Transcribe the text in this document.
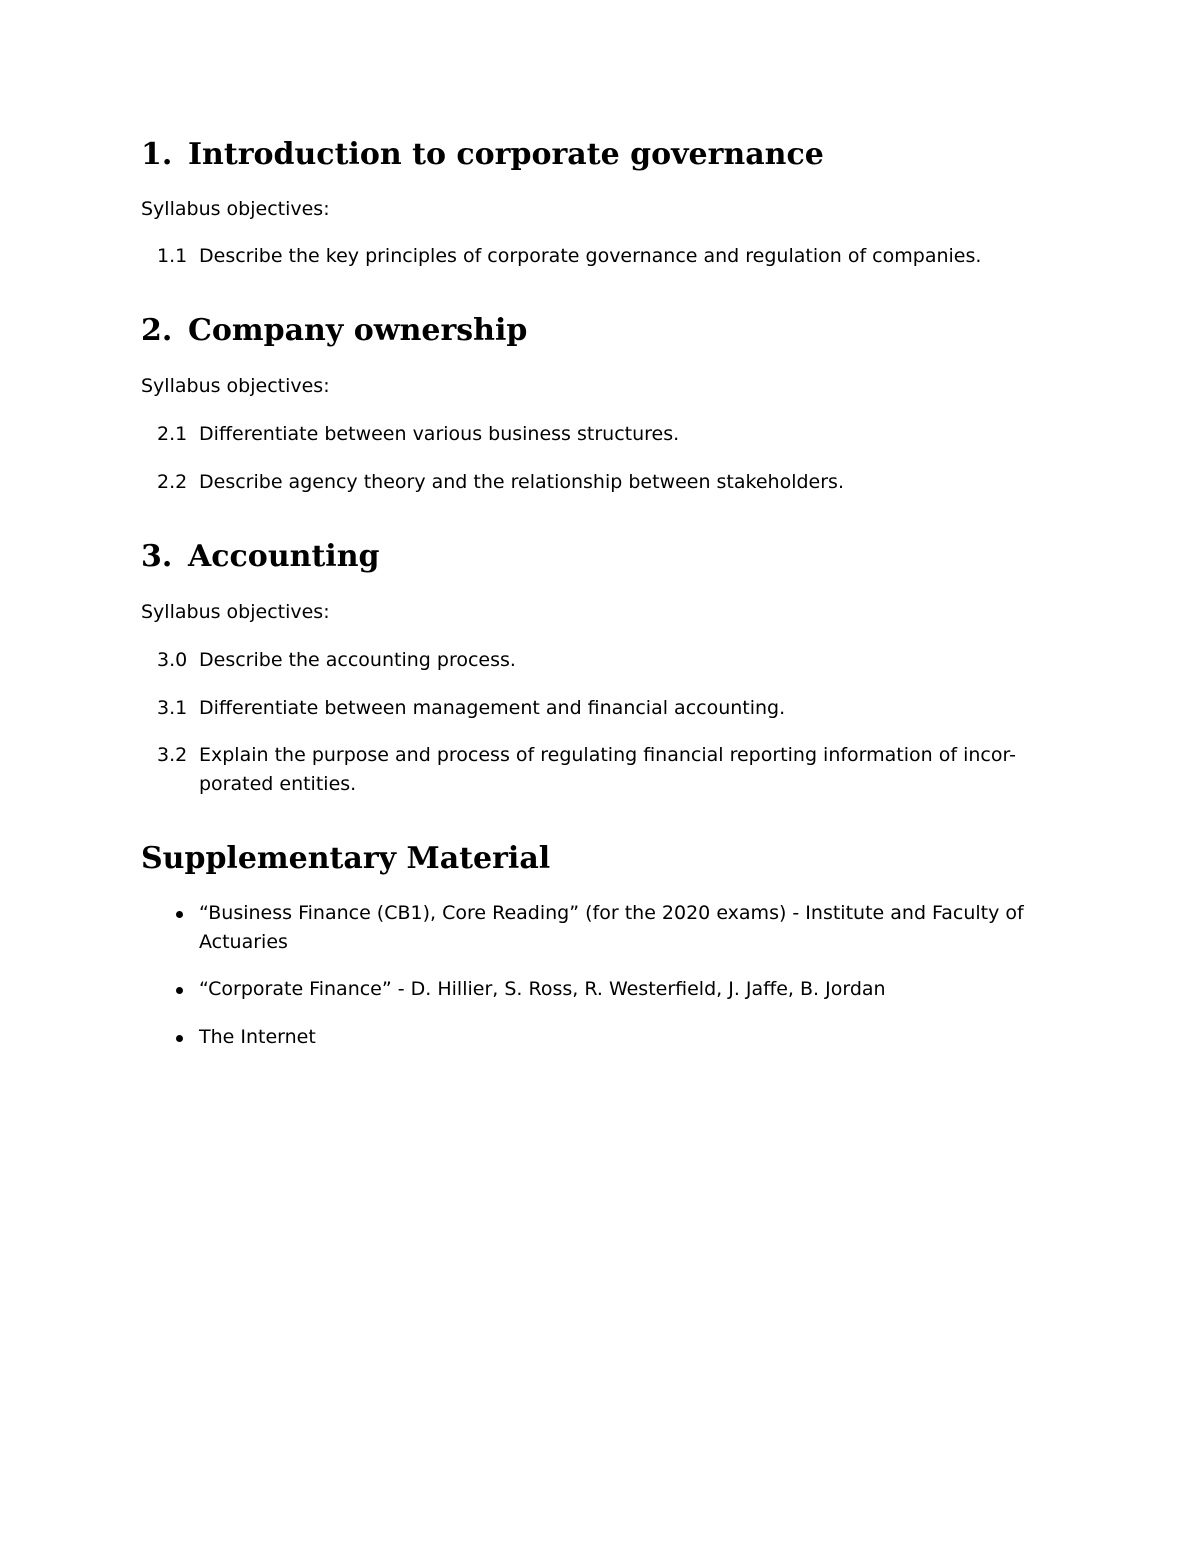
1. Introduction to corporate governance

Syllabus objectives:

1.1 Describe the key principles of corporate governance and regulation of companies.
2. Company ownership

Syllabus objectives:

2.1 Differentiate between various business structures.
2.2 Describe agency theory and the relationship between stakeholders.
3. Accounting

Syllabus objectives:

3.0 Describe the accounting process.
3.1 Differentiate between management and financial accounting.
3.2 Explain the purpose and process of regulating financial reporting information of incor- porated entities.
Supplementary Material
“Business Finance (CB1), Core Reading” (for the 2020 exams) - Institute and Faculty of Actuaries
“Corporate Finance” - D. Hillier, S. Ross, R. Westerfield, J. Jaffe, B. Jordan
The Internet
